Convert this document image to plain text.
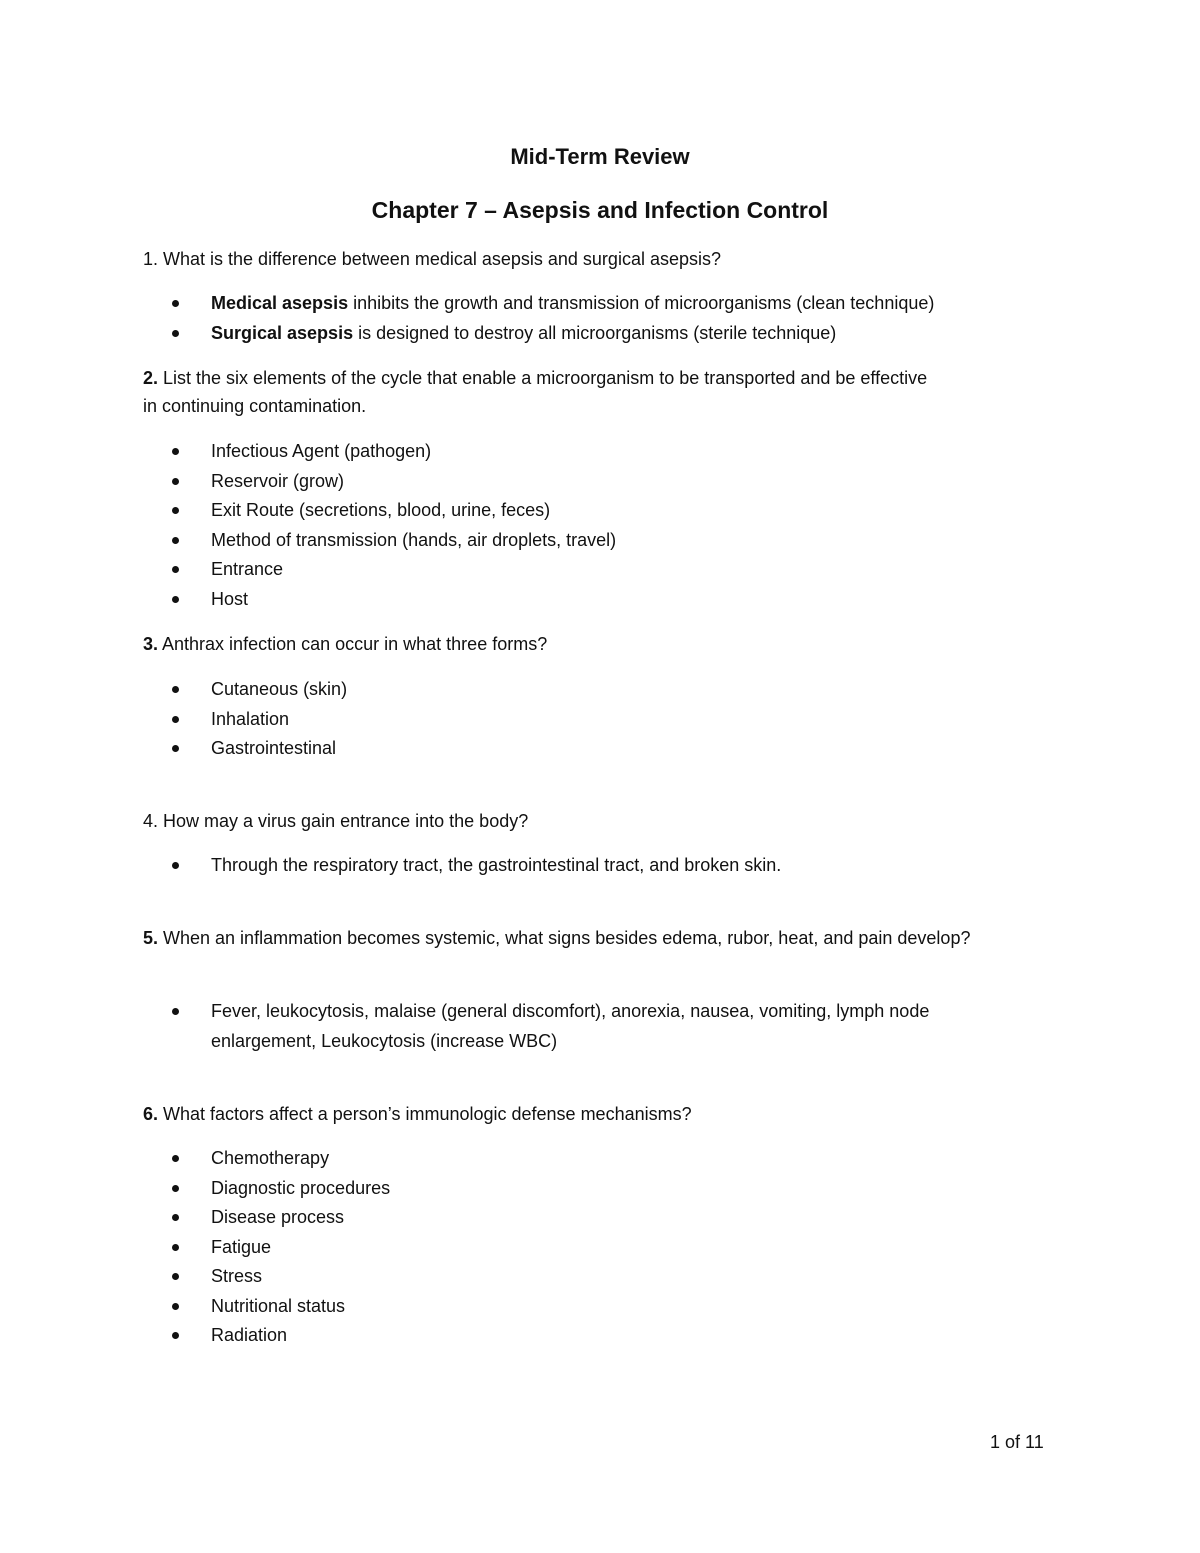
Mid-Term Review
Chapter 7 – Asepsis and Infection Control

1. What is the difference between medical asepsis and surgical asepsis?

Medical asepsis inhibits the growth and transmission of microorganisms (clean technique)
Surgical asepsis is designed to destroy all microorganisms (sterile technique)

2. List the six elements of the cycle that enable a microorganism to be transported and be effective in continuing contamination.

Infectious Agent (pathogen)
Reservoir (grow)
Exit Route (secretions, blood, urine, feces)
Method of transmission (hands, air droplets, travel)
Entrance
Host

3. Anthrax infection can occur in what three forms?

Cutaneous (skin)
Inhalation
Gastrointestinal

4. How may a virus gain entrance into the body?

Through the respiratory tract, the gastrointestinal tract, and broken skin.

5. When an inflammation becomes systemic, what signs besides edema, rubor, heat, and pain develop?

Fever, leukocytosis, malaise (general discomfort), anorexia, nausea, vomiting, lymph node enlargement, Leukocytosis (increase WBC)

6. What factors affect a person’s immunologic defense mechanisms?

Chemotherapy
Diagnostic procedures
Disease process
Fatigue
Stress
Nutritional status
Radiation
1 of 11
